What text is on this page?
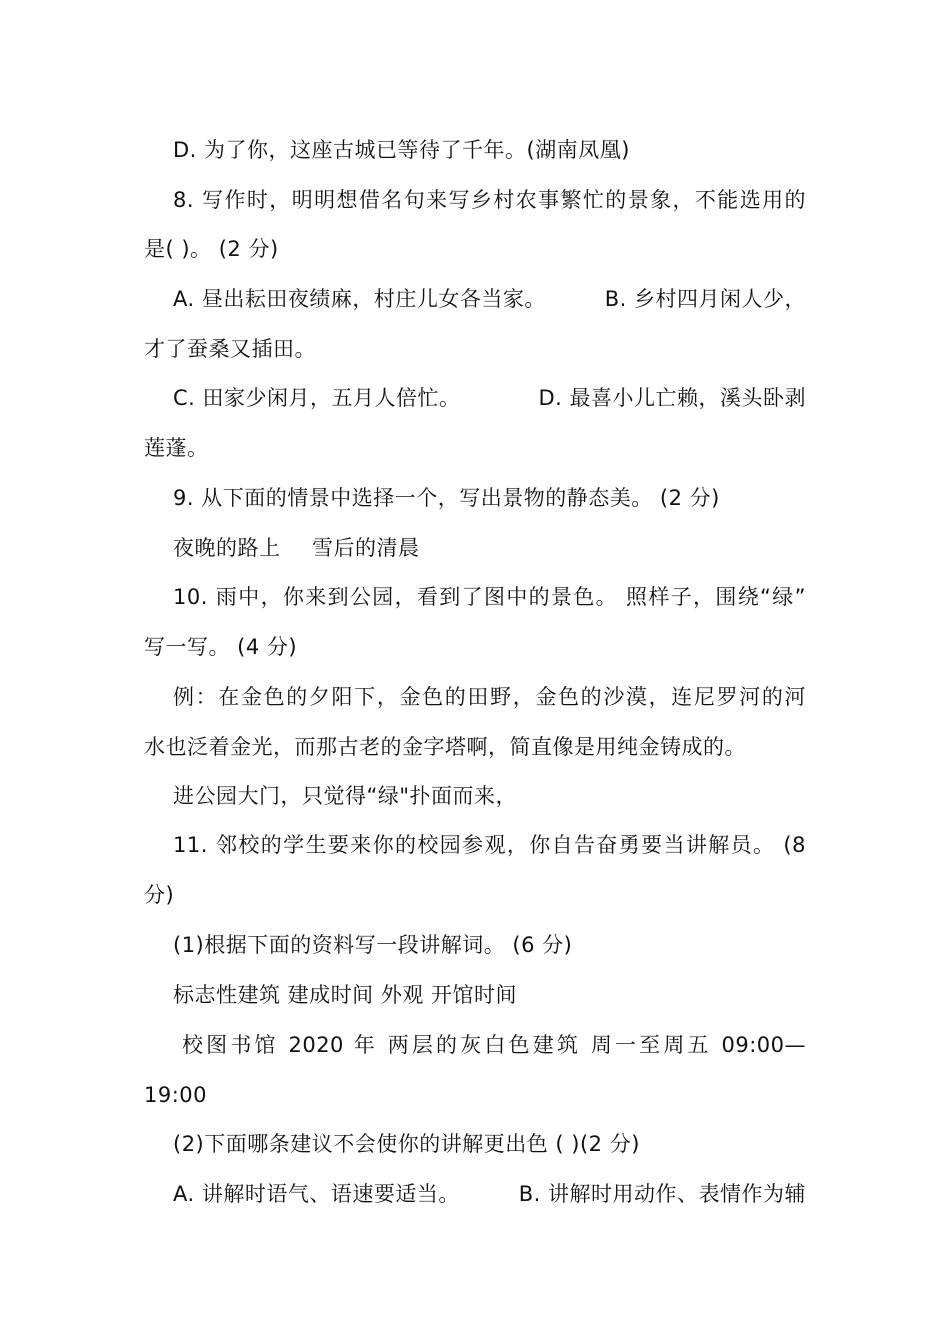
D. 为了你，这座古城已等待了千年。(湖南凤凰)
8. 写作时，明明想借名句来写乡村农事繁忙的景象，不能选用的
是( )。 (2 分)
A. 昼出耘田夜绩麻，村庄儿女各当家。	B. 乡村四月闲人少，
才了蚕桑又插田。
C. 田家少闲月，五月人倍忙。	D. 最喜小儿亡赖，溪头卧剥
莲蓬。
9. 从下面的情景中选择一个，写出景物的静态美。 (2 分)
夜晚的路上 雪后的清晨
10. 雨中，你来到公园，看到了图中的景色。 照样子，围绕“绿”
写一写。 (4 分)
例：在金色的夕阳下，金色的田野，金色的沙漠，连尼罗河的河
水也泛着金光，而那古老的金字塔啊，简直像是用纯金铸成的。
进公园大门，只觉得“绿"扑面而来，
11. 邻校的学生要来你的校园参观，你自告奋勇要当讲解员。 (8
分)
(1)根据下面的资料写一段讲解词。 (6 分)
标志性建筑 建成时间 外观 开馆时间
校图书馆 2020 年 两层的灰白色建筑 周一至周五 09:00—
19:00
(2)下面哪条建议不会使你的讲解更出色 ( )(2 分)
A. 讲解时语气、语速要适当。	B. 讲解时用动作、表情作为辅
